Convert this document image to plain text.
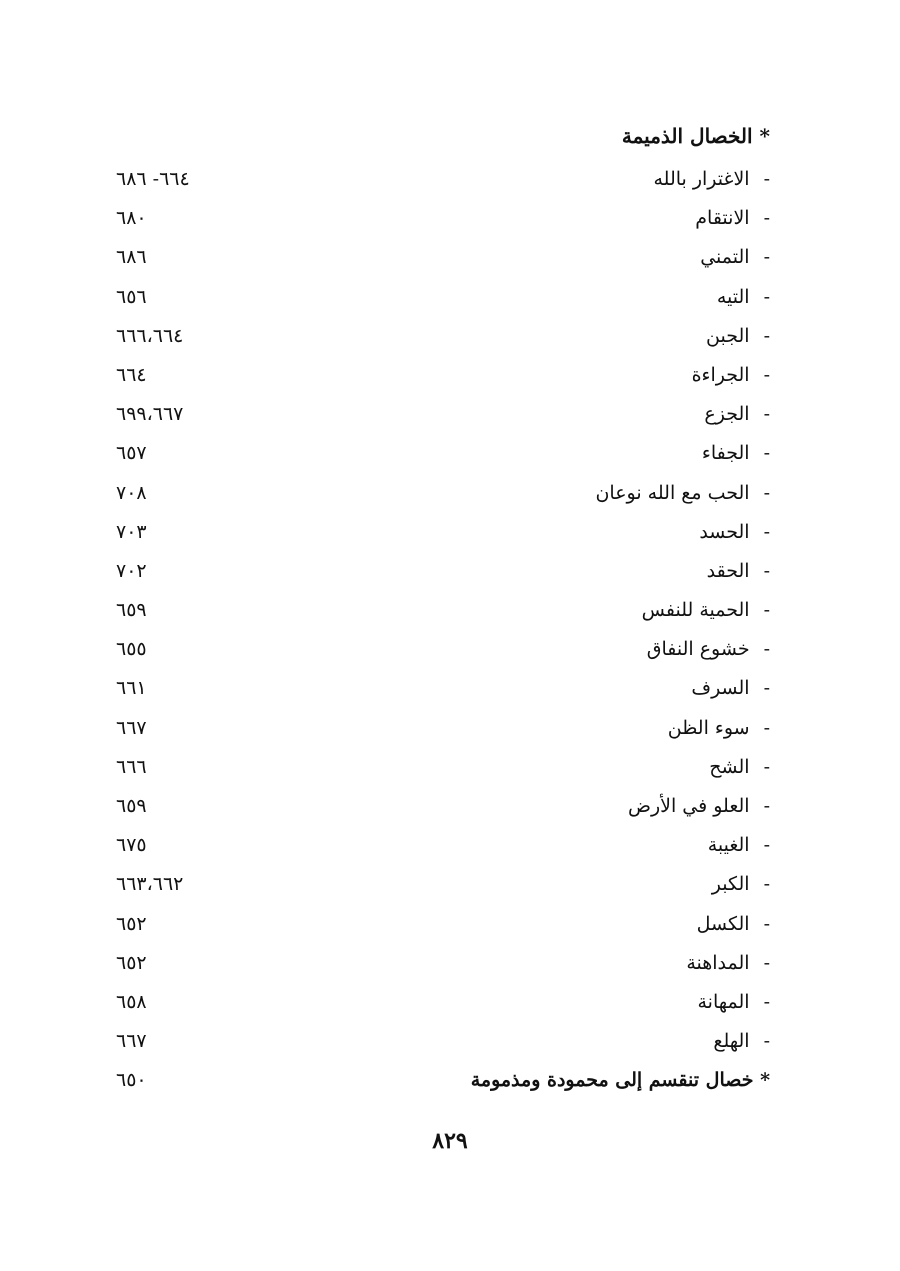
* الخصال الذميمة
-الاغترار بالله
٦٦٤- ٦٨٦
-الانتقام
٦٨٠
-التمني
٦٨٦
-التيه
٦٥٦
-الجبن
٦٦٦،٦٦٤
-الجراءة
٦٦٤
-الجزع
٦٩٩،٦٦٧
-الجفاء
٦٥٧
-الحب مع الله نوعان
٧٠٨
-الحسد
٧٠٣
-الحقد
٧٠٢
-الحمية للنفس
٦٥٩
-خشوع النفاق
٦٥٥
-السرف
٦٦١
-سوء الظن
٦٦٧
-الشح
٦٦٦
-العلو في الأرض
٦٥٩
-الغيبة
٦٧٥
-الكبر
٦٦٣،٦٦٢
-الكسل
٦٥٢
-المداهنة
٦٥٢
-المهانة
٦٥٨
-الهلع
٦٦٧
* خصال تنقسم إلى محمودة ومذمومة
٦٥٠
٨٢٩
